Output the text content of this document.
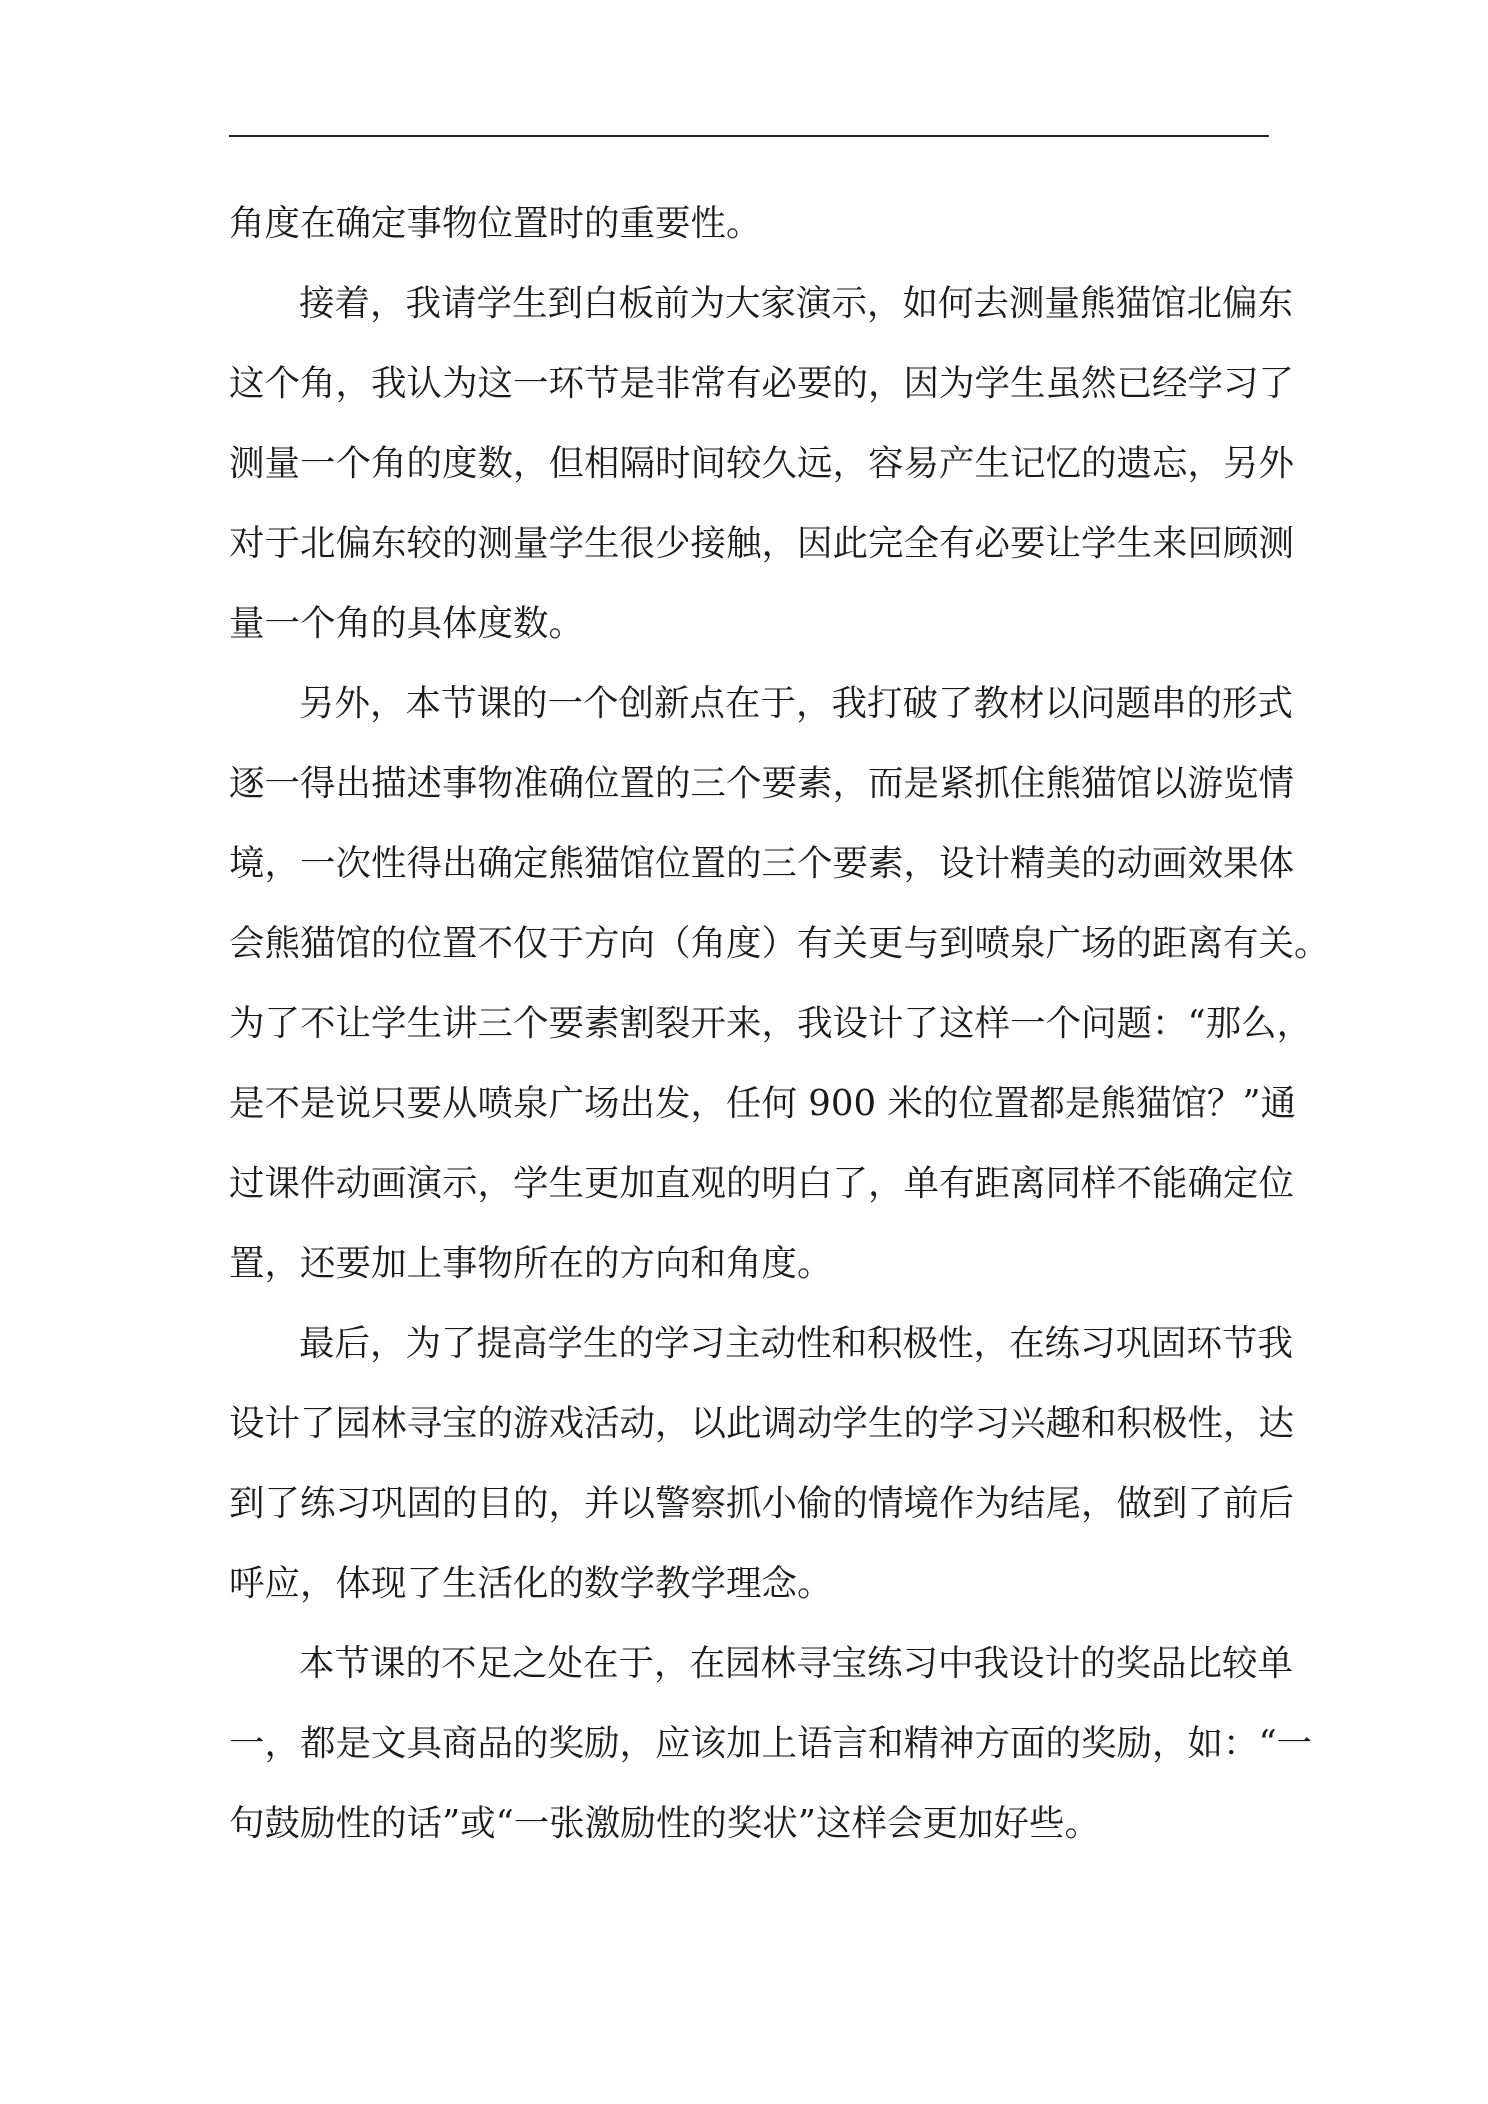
角度在确定事物位置时的重要性。
接着，我请学生到白板前为大家演示，如何去测量熊猫馆北偏东
这个角，我认为这一环节是非常有必要的，因为学生虽然已经学习了
测量一个角的度数，但相隔时间较久远，容易产生记忆的遗忘，另外
对于北偏东较的测量学生很少接触，因此完全有必要让学生来回顾测
量一个角的具体度数。
另外，本节课的一个创新点在于，我打破了教材以问题串的形式
逐一得出描述事物准确位置的三个要素，而是紧抓住熊猫馆以游览情
境，一次性得出确定熊猫馆位置的三个要素，设计精美的动画效果体
会熊猫馆的位置不仅于方向（角度）有关更与到喷泉广场的距离有关。
为了不让学生讲三个要素割裂开来，我设计了这样一个问题：“那么，
是不是说只要从喷泉广场出发，任何 900 米的位置都是熊猫馆？”通
过课件动画演示，学生更加直观的明白了，单有距离同样不能确定位
置，还要加上事物所在的方向和角度。
最后，为了提高学生的学习主动性和积极性，在练习巩固环节我
设计了园林寻宝的游戏活动，以此调动学生的学习兴趣和积极性，达
到了练习巩固的目的，并以警察抓小偷的情境作为结尾，做到了前后
呼应，体现了生活化的数学教学理念。
本节课的不足之处在于，在园林寻宝练习中我设计的奖品比较单
一，都是文具商品的奖励，应该加上语言和精神方面的奖励，如：“一
句鼓励性的话”或“一张激励性的奖状”这样会更加好些。
